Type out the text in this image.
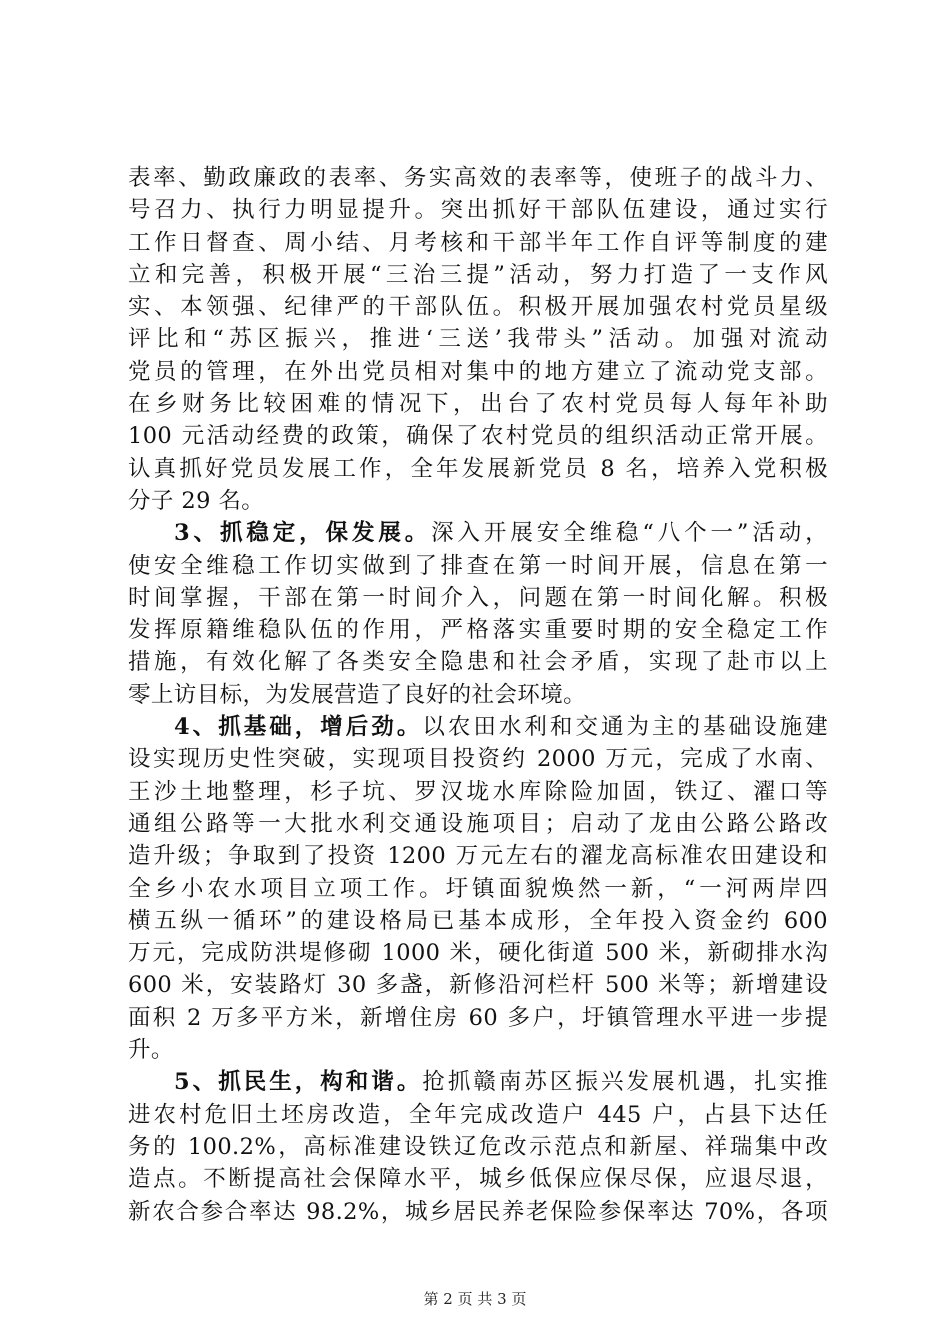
表率、勤政廉政的表率、务实高效的表率等，使班子的战斗力、
号召力、执行力明显提升。突出抓好干部队伍建设，通过实行
工作日督查、周小结、月考核和干部半年工作自评等制度的建
立和完善，积极开展“三治三提”活动，努力打造了一支作风
实、本领强、纪律严的干部队伍。积极开展加强农村党员星级
评比和“苏区振兴，推进‘三送’我带头”活动。加强对流动
党员的管理，在外出党员相对集中的地方建立了流动党支部。
在乡财务比较困难的情况下，出台了农村党员每人每年补助
100 元活动经费的政策，确保了农村党员的组织活动正常开展。
认真抓好党员发展工作，全年发展新党员 8 名，培养入党积极
分子 29 名。
3、抓稳定，保发展。深入开展安全维稳“八个一”活动，
使安全维稳工作切实做到了排查在第一时间开展，信息在第一
时间掌握，干部在第一时间介入，问题在第一时间化解。积极
发挥原籍维稳队伍的作用，严格落实重要时期的安全稳定工作
措施，有效化解了各类安全隐患和社会矛盾，实现了赴市以上
零上访目标，为发展营造了良好的社会环境。
4、抓基础，增后劲。以农田水利和交通为主的基础设施建
设实现历史性突破，实现项目投资约 2000 万元，完成了水南、
王沙土地整理，杉子坑、罗汉垅水库除险加固，铁辽、濯口等
通组公路等一大批水利交通设施项目；启动了龙由公路公路改
造升级；争取到了投资 1200 万元左右的濯龙高标准农田建设和
全乡小农水项目立项工作。圩镇面貌焕然一新，“一河两岸四
横五纵一循环”的建设格局已基本成形，全年投入资金约 600
万元，完成防洪堤修砌 1000 米，硬化街道 500 米，新砌排水沟
600 米，安装路灯 30 多盏，新修沿河栏杆 500 米等；新增建设
面积 2 万多平方米，新增住房 60 多户，圩镇管理水平进一步提
升。
5、抓民生，构和谐。抢抓赣南苏区振兴发展机遇，扎实推
进农村危旧土坯房改造，全年完成改造户 445 户，占县下达任
务的 100.2%，高标准建设铁辽危改示范点和新屋、祥瑞集中改
造点。不断提高社会保障水平，城乡低保应保尽保，应退尽退，
新农合参合率达 98.2%，城乡居民养老保险参保率达 70%，各项
第 2 页 共 3 页
